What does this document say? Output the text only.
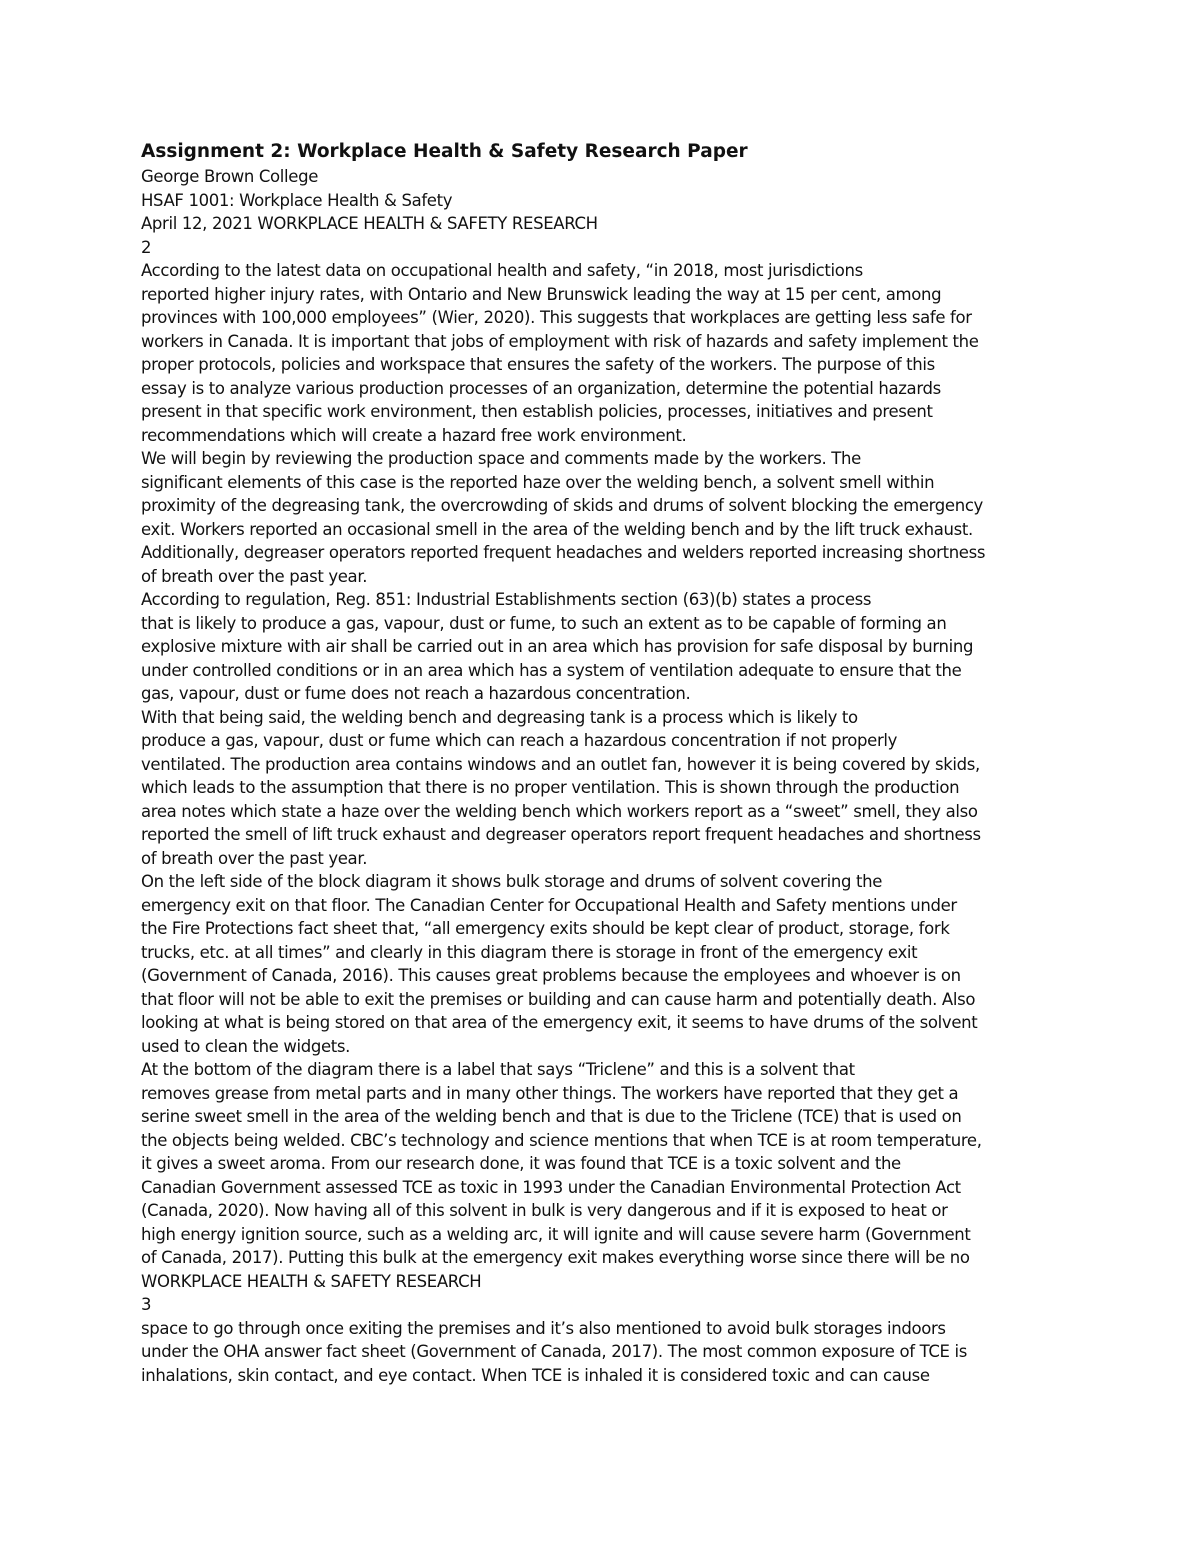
Assignment 2: Workplace Health & Safety Research Paper
George Brown College
HSAF 1001: Workplace Health & Safety
April 12, 2021 WORKPLACE HEALTH & SAFETY RESEARCH
2
According to the latest data on occupational health and safety, “in 2018, most jurisdictions
reported higher injury rates, with Ontario and New Brunswick leading the way at 15 per cent, among
provinces with 100,000 employees” (Wier, 2020). This suggests that workplaces are getting less safe for
workers in Canada. It is important that jobs of employment with risk of hazards and safety implement the
proper protocols, policies and workspace that ensures the safety of the workers. The purpose of this
essay is to analyze various production processes of an organization, determine the potential hazards
present in that specific work environment, then establish policies, processes, initiatives and present
recommendations which will create a hazard free work environment.
We will begin by reviewing the production space and comments made by the workers. The
significant elements of this case is the reported haze over the welding bench, a solvent smell within
proximity of the degreasing tank, the overcrowding of skids and drums of solvent blocking the emergency
exit. Workers reported an occasional smell in the area of the welding bench and by the lift truck exhaust.
Additionally, degreaser operators reported frequent headaches and welders reported increasing shortness
of breath over the past year.
According to regulation, Reg. 851: Industrial Establishments section (63)(b) states a process
that is likely to produce a gas, vapour, dust or fume, to such an extent as to be capable of forming an
explosive mixture with air shall be carried out in an area which has provision for safe disposal by burning
under controlled conditions or in an area which has a system of ventilation adequate to ensure that the
gas, vapour, dust or fume does not reach a hazardous concentration.
With that being said, the welding bench and degreasing tank is a process which is likely to
produce a gas, vapour, dust or fume which can reach a hazardous concentration if not properly
ventilated. The production area contains windows and an outlet fan, however it is being covered by skids,
which leads to the assumption that there is no proper ventilation. This is shown through the production
area notes which state a haze over the welding bench which workers report as a “sweet” smell, they also
reported the smell of lift truck exhaust and degreaser operators report frequent headaches and shortness
of breath over the past year.
On the left side of the block diagram it shows bulk storage and drums of solvent covering the
emergency exit on that floor. The Canadian Center for Occupational Health and Safety mentions under
the Fire Protections fact sheet that, “all emergency exits should be kept clear of product, storage, fork
trucks, etc. at all times” and clearly in this diagram there is storage in front of the emergency exit
(Government of Canada, 2016). This causes great problems because the employees and whoever is on
that floor will not be able to exit the premises or building and can cause harm and potentially death. Also
looking at what is being stored on that area of the emergency exit, it seems to have drums of the solvent
used to clean the widgets.
At the bottom of the diagram there is a label that says “Triclene” and this is a solvent that
removes grease from metal parts and in many other things. The workers have reported that they get a
serine sweet smell in the area of the welding bench and that is due to the Triclene (TCE) that is used on
the objects being welded. CBC’s technology and science mentions that when TCE is at room temperature,
it gives a sweet aroma. From our research done, it was found that TCE is a toxic solvent and the
Canadian Government assessed TCE as toxic in 1993 under the Canadian Environmental Protection Act
(Canada, 2020). Now having all of this solvent in bulk is very dangerous and if it is exposed to heat or
high energy ignition source, such as a welding arc, it will ignite and will cause severe harm (Government
of Canada, 2017). Putting this bulk at the emergency exit makes everything worse since there will be no
WORKPLACE HEALTH & SAFETY RESEARCH
3
space to go through once exiting the premises and it’s also mentioned to avoid bulk storages indoors
under the OHA answer fact sheet (Government of Canada, 2017). The most common exposure of TCE is
inhalations, skin contact, and eye contact. When TCE is inhaled it is considered toxic and can cause
